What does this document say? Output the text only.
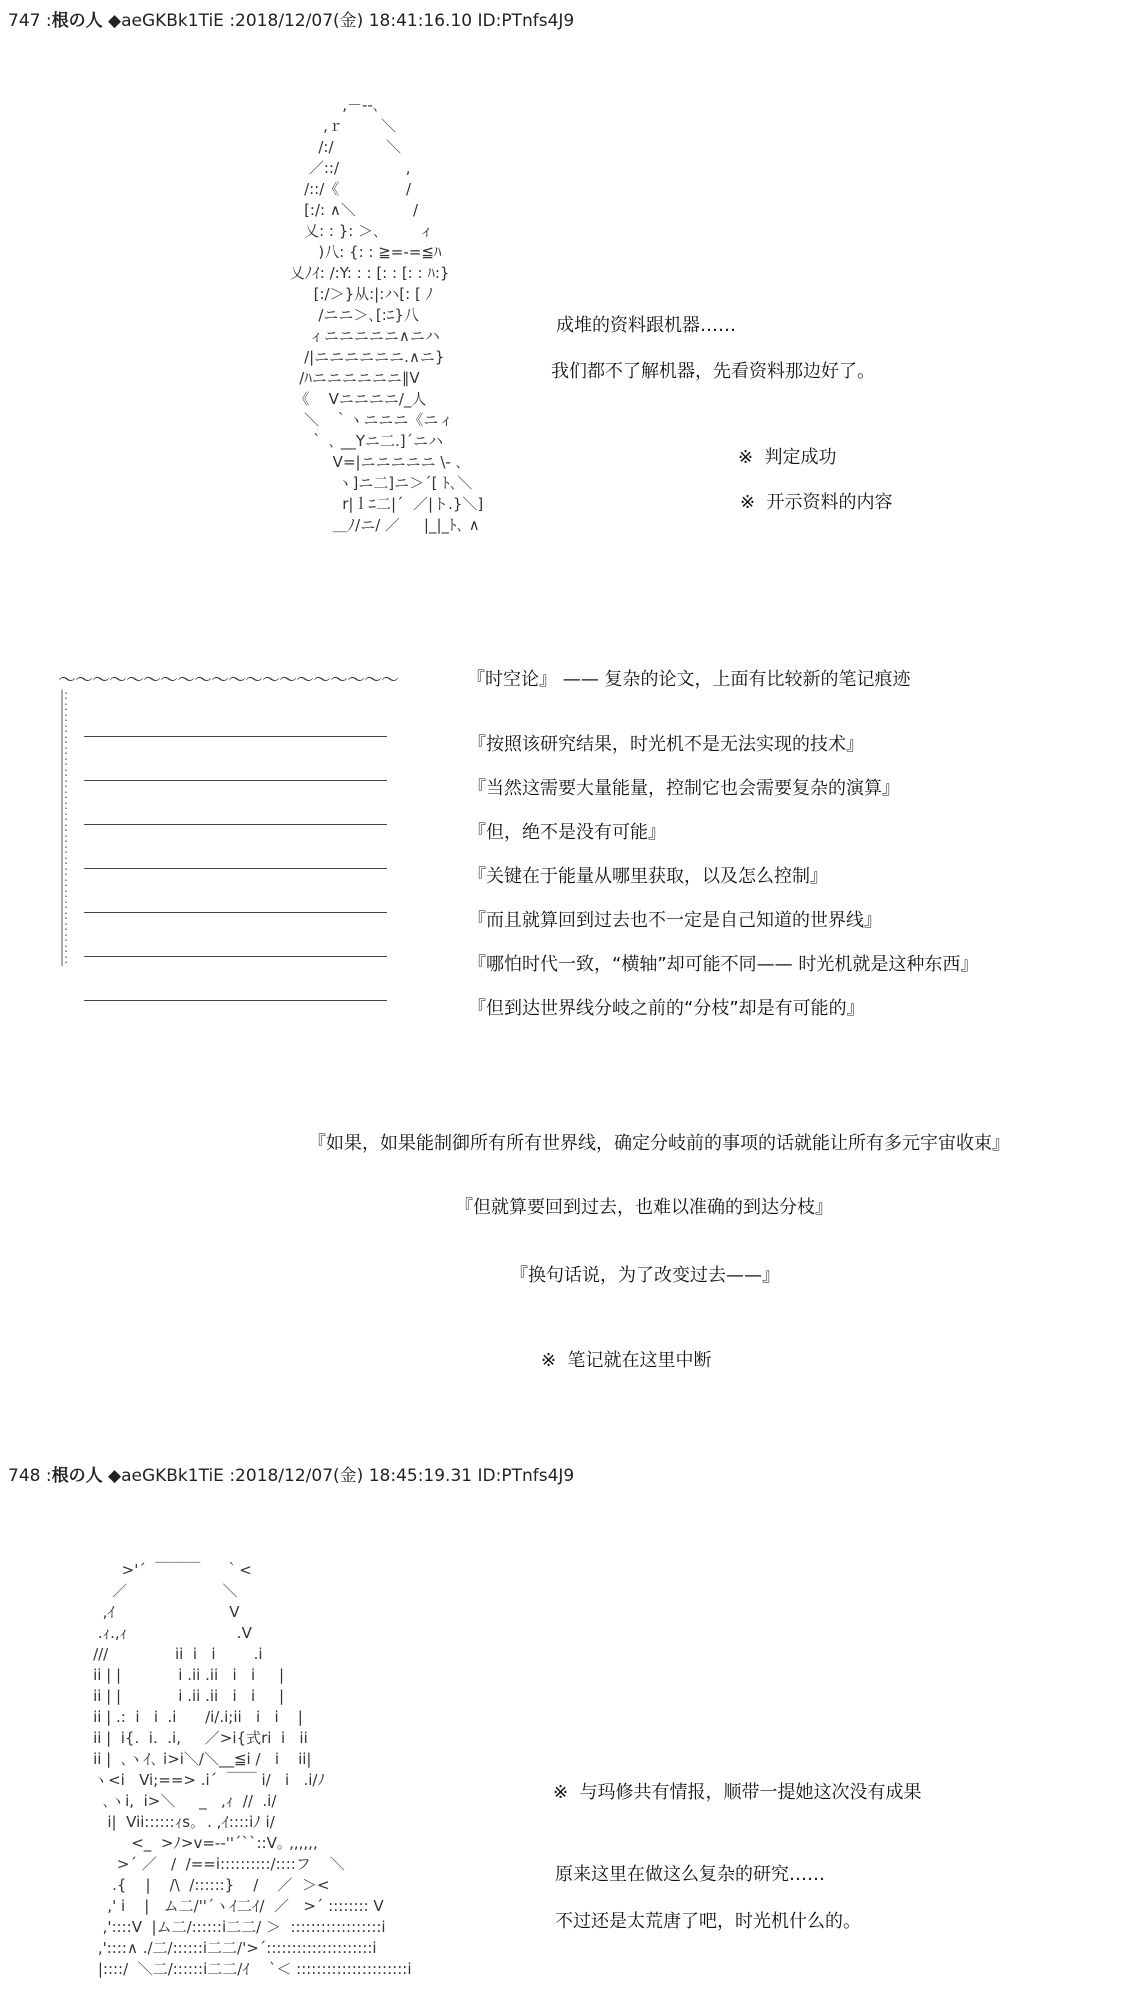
747 :根の人 ◆aeGKBk1TiE :2018/12/07(金) 18:41:16.10 ID:PTnfs4J9
,－--､
,ｒ        ＼
/:/           ＼
／::/              ,
/::/《              /
[:/: ∧＼            /
乂: : }: ＞､        ィ
)八: {: : ≧=-=≦ﾊ
乂ﾉｲ: /:Y: : : [: : [: : ﾊ:}
[:/＞}从:|:ハ[: [ ﾉ
/ニニ＞､[:ﾆ}八
ィニニニニニ∧ニハ
/|ニニニニニニ.∧ニ}
/ﾊニニニニニニ∥V
《    Vニニニニ/_人
＼   ｀ヽニニニ《ニィ
｀ ､ __Yニ二.]´ニハ
V=|ニニニニニ \- ､
ヽ]ニ二]ニ＞´[ ﾄ､＼
r|ｌﾆ二|´  ／|ト.}＼]
＿ﾉ/ニ/ ／     |_|_ﾄ､ ∧
成堆的资料跟机器……
我们都不了解机器，先看资料那边好了。
※  判定成功
※  开示资料的内容
〜〜〜〜〜〜〜〜〜〜〜〜〜〜〜〜〜〜〜〜
|:
|:
|:
|:
|:
|:
|:
|:
|:
|:
|:
|:
|:
|:
|:
|:
|:
|:
|:
|:
|:
|:
|:
|:
|:
『时空论』 —— 复杂的论文，上面有比较新的笔记痕迹
『按照该研究结果，时光机不是无法实现的技术』
『当然这需要大量能量，控制它也会需要复杂的演算』
『但，绝不是没有可能』
『关键在于能量从哪里获取，以及怎么控制』
『而且就算回到过去也不一定是自己知道的世界线』
『哪怕时代一致，“横轴”却可能不同—— 时光机就是这种东西』
『但到达世界线分岐之前的“分枝”却是有可能的』
『如果，如果能制御所有所有世界线，确定分岐前的事项的话就能让所有多元宇宙收束』
『但就算要回到过去，也难以准确的到达分枝』
『换句话说，为了改变过去——』
※  笔记就在这里中断
748 :根の人 ◆aeGKBk1TiE :2018/12/07(金) 18:45:19.31 ID:PTnfs4J9
>'´  ￣￣￣     ｀<
／                    ＼
,ｲ                        V
.ｨ.,ｨ                       .V
///              ii  i   i        .i
ii | |            i .ii .ii   i   i     |
ii | |            i .ii .ii   i   i     |
ii | .:  i   i  .i      /i/.i;ii   i   i    |
ii |  i{.  i.  .i,     ／>i{式ri  i   ii
ii |  ､ヽｲ､ i>i＼/＼__≦i /   i    ii|
ヽ<i   Vi;==> .i´  ￣￣ i/   i   .i/ﾉ
､ヽi,  i>＼     _   ,ｨ  //  .i/
i|  Vii::::::ｨs｡  . ,ｲ::::iﾉ i/
<_  >ﾉ>v=--''´``::V｡ ,,,,,,
>´ ／   /  /==i::::::::::/::::フ    ＼
.{    |    /\  /::::::}    /    ／  ＞<
,' i    |   ム二/''´ヽｲ二ｲ/  ／   >´ :::::::: V
,'::::V  |ム二/::::::i二二/ ＞  ::::::::::::::::::i
,'::::∧ ./二/::::::i二二/'>´:::::::::::::::::::::i
|::::/  ＼二/::::::i二二/ｲ    `＜ ::::::::::::::::::::::i
※  与玛修共有情报，顺带一提她这次没有成果
原来这里在做这么复杂的研究……
不过还是太荒唐了吧，时光机什么的。
